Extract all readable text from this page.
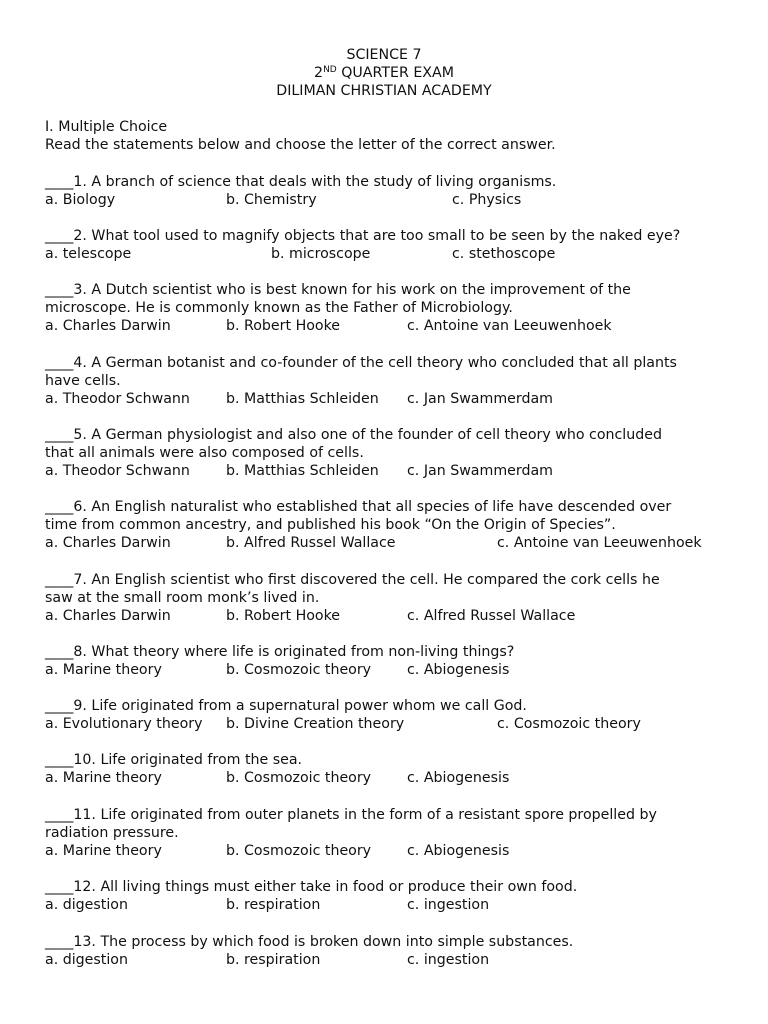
SCIENCE 7
2ND QUARTER EXAM
DILIMAN CHRISTIAN ACADEMY
I. Multiple Choice
Read the statements below and choose the letter of the correct answer.
____1. A branch of science that deals with the study of living organisms.
a. Biology	b. Chemistry	c. Physics
____2. What tool used to magnify objects that are too small to be seen by the naked eye?
a. telescope	b. microscope	c. stethoscope
____3. A Dutch scientist who is best known for his work on the improvement of the
microscope. He is commonly known as the Father of Microbiology.
a. Charles Darwin	b. Robert Hooke	c. Antoine van Leeuwenhoek
____4. A German botanist and co-founder of the cell theory who concluded that all plants
have cells.
a. Theodor Schwann	b. Matthias Schleiden c. Jan Swammerdam
____5. A German physiologist and also one of the founder of cell theory who concluded
that all animals were also composed of cells.
a. Theodor Schwann	b. Matthias Schleiden c. Jan Swammerdam
____6. An English naturalist who established that all species of life have descended over
time from common ancestry, and published his book “On the Origin of Species”.
a. Charles Darwin	b. Alfred Russel Wallace	c. Antoine van Leeuwenhoek
____7. An English scientist who first discovered the cell. He compared the cork cells he
saw at the small room monk’s lived in.
a. Charles Darwin	b. Robert Hooke	c. Alfred Russel Wallace
____8. What theory where life is originated from non-living things?
a. Marine theory	b. Cosmozoic theory	c. Abiogenesis
____9. Life originated from a supernatural power whom we call God.
a. Evolutionary theory b. Divine Creation theory	c. Cosmozoic theory
____10. Life originated from the sea.
a. Marine theory	b. Cosmozoic theory	c. Abiogenesis
____11. Life originated from outer planets in the form of a resistant spore propelled by
radiation pressure.
a. Marine theory	b. Cosmozoic theory	c. Abiogenesis
____12. All living things must either take in food or produce their own food.
a. digestion	b. respiration	c. ingestion
____13. The process by which food is broken down into simple substances.
a. digestion	b. respiration	c. ingestion
